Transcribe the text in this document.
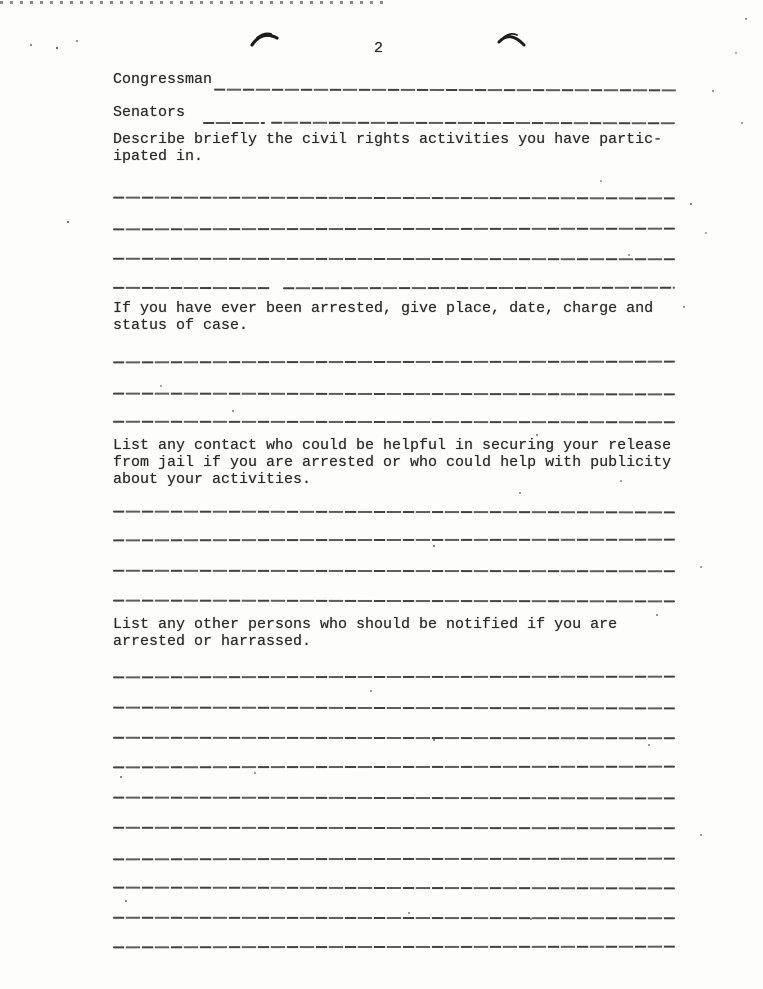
2
Congressman
Senators
Describe briefly the civil rights activities you have partic-
ipated in.
If you have ever been arrested, give place, date, charge and
status of case.
List any contact who could be helpful in securing your release
from jail if you are arrested or who could help with publicity
about your activities.
List any other persons who should be notified if you are
arrested or harrassed.
